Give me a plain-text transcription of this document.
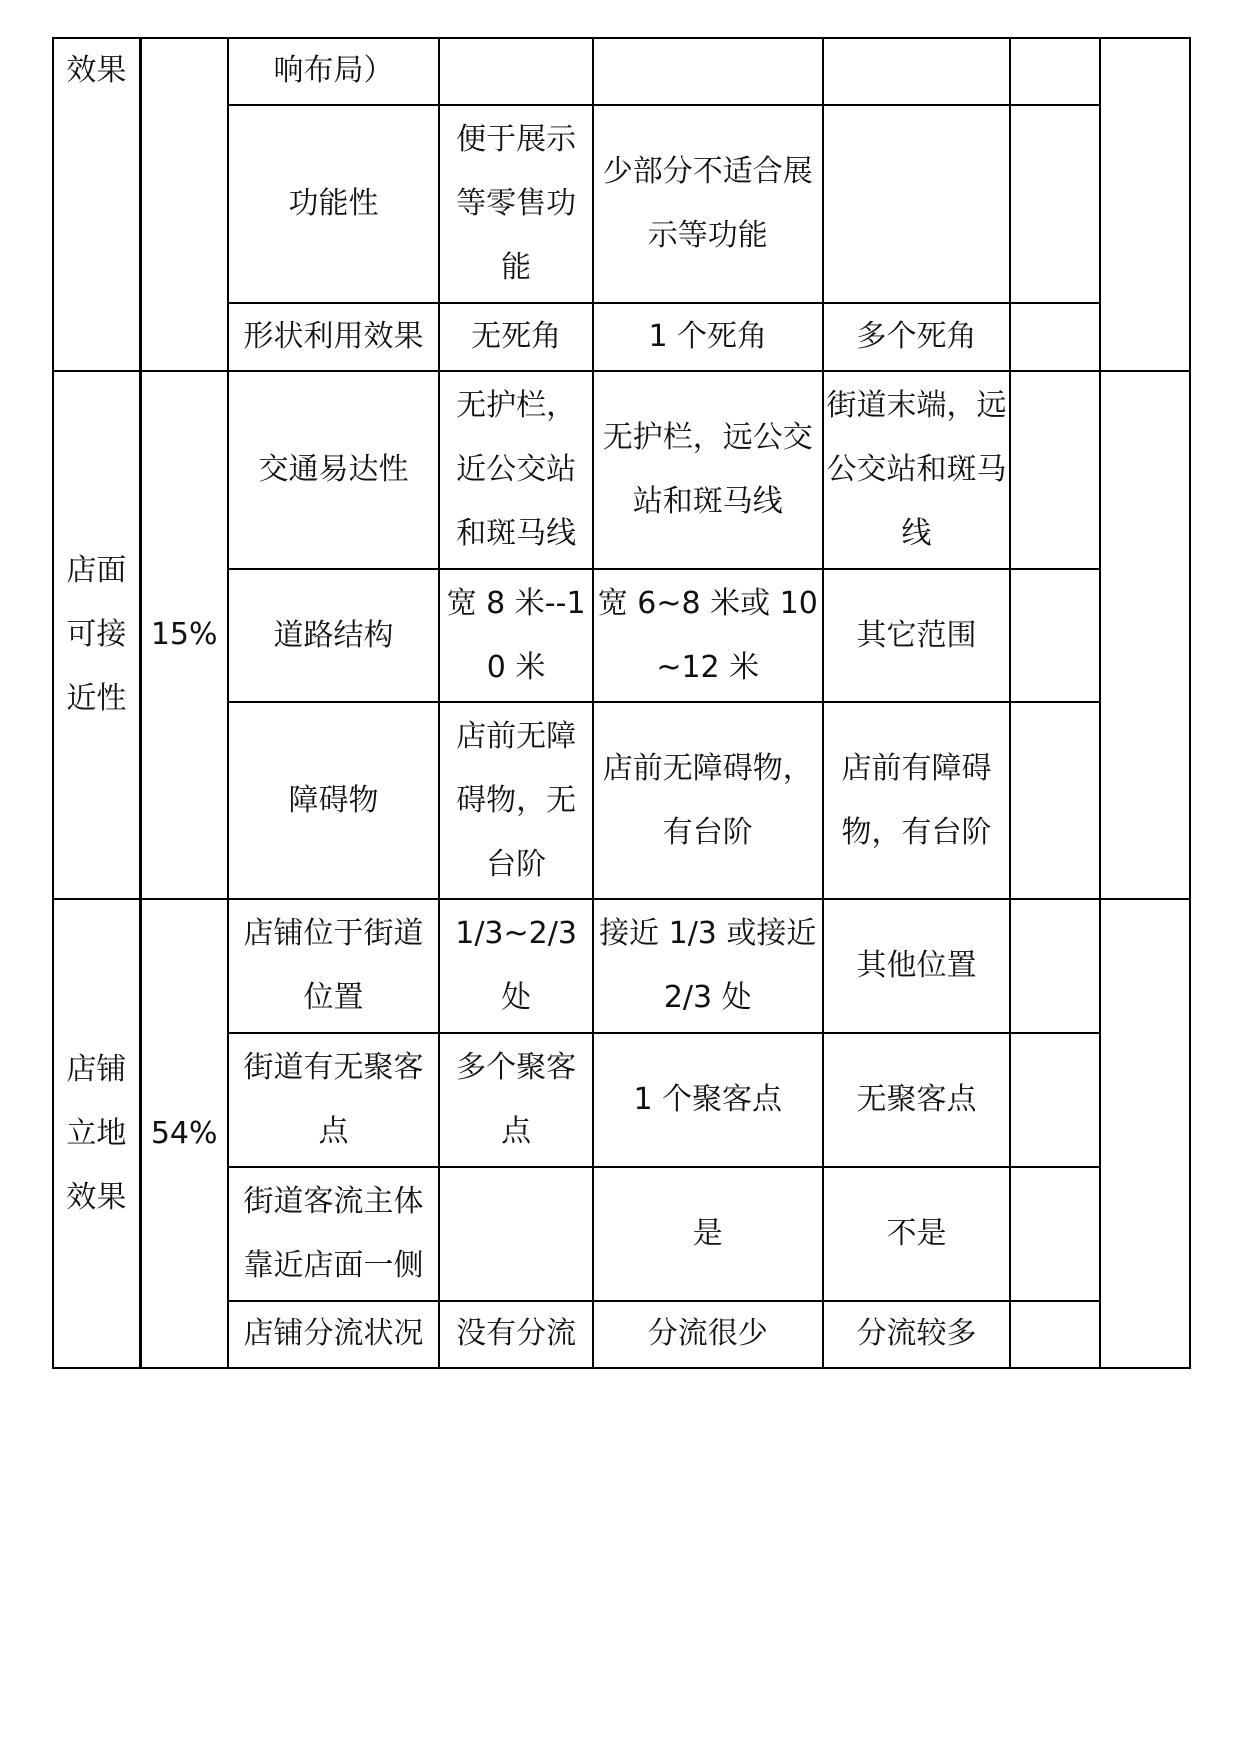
效果		响布局）					
		功能性	便于展示等零售功能	少部分不适合展示等功能			
		形状利用效果	无死角	1 个死角	多个死角		
店面可接近性	15%	交通易达性	无护栏，近公交站和斑马线	无护栏，远公交站和斑马线	街道末端，远公交站和斑马线		
		道路结构	宽 8 米--10 米	宽 6~8 米或 10~12 米	其它范围		
		障碍物	店前无障碍物，无台阶	店前无障碍物，有台阶	店前有障碍物，有台阶		
店铺立地效果	54%	店铺位于街道位置	1/3~2/3 处	接近 1/3 或接近 2/3 处	其他位置		
		街道有无聚客点	多个聚客点	1 个聚客点	无聚客点		
		街道客流主体靠近店面一侧		是	不是		
		店铺分流状况	没有分流	分流很少	分流较多		
